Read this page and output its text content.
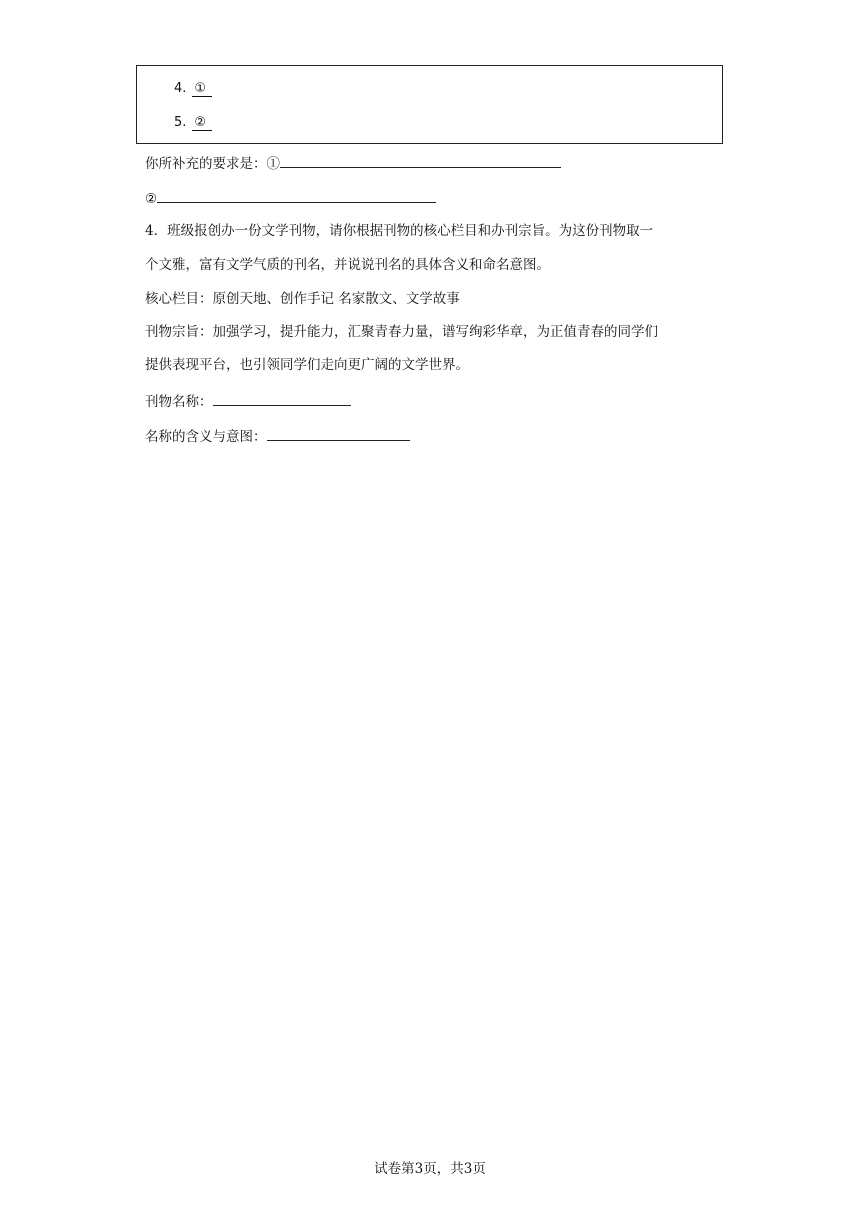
4. ①
5. ②
你所补充的要求是：①
②
4．班级报创办一份文学刊物，请你根据刊物的核心栏目和办刊宗旨。为这份刊物取一
个文雅，富有文学气质的刊名，并说说刊名的具体含义和命名意图。
核心栏目：原创天地、创作手记 名家散文、文学故事
刊物宗旨：加强学习，提升能力，汇聚青春力量，谱写绚彩华章，为正值青春的同学们
提供表现平台，也引领同学们走向更广阔的文学世界。
刊物名称：
名称的含义与意图：
试卷第3页，共3页
